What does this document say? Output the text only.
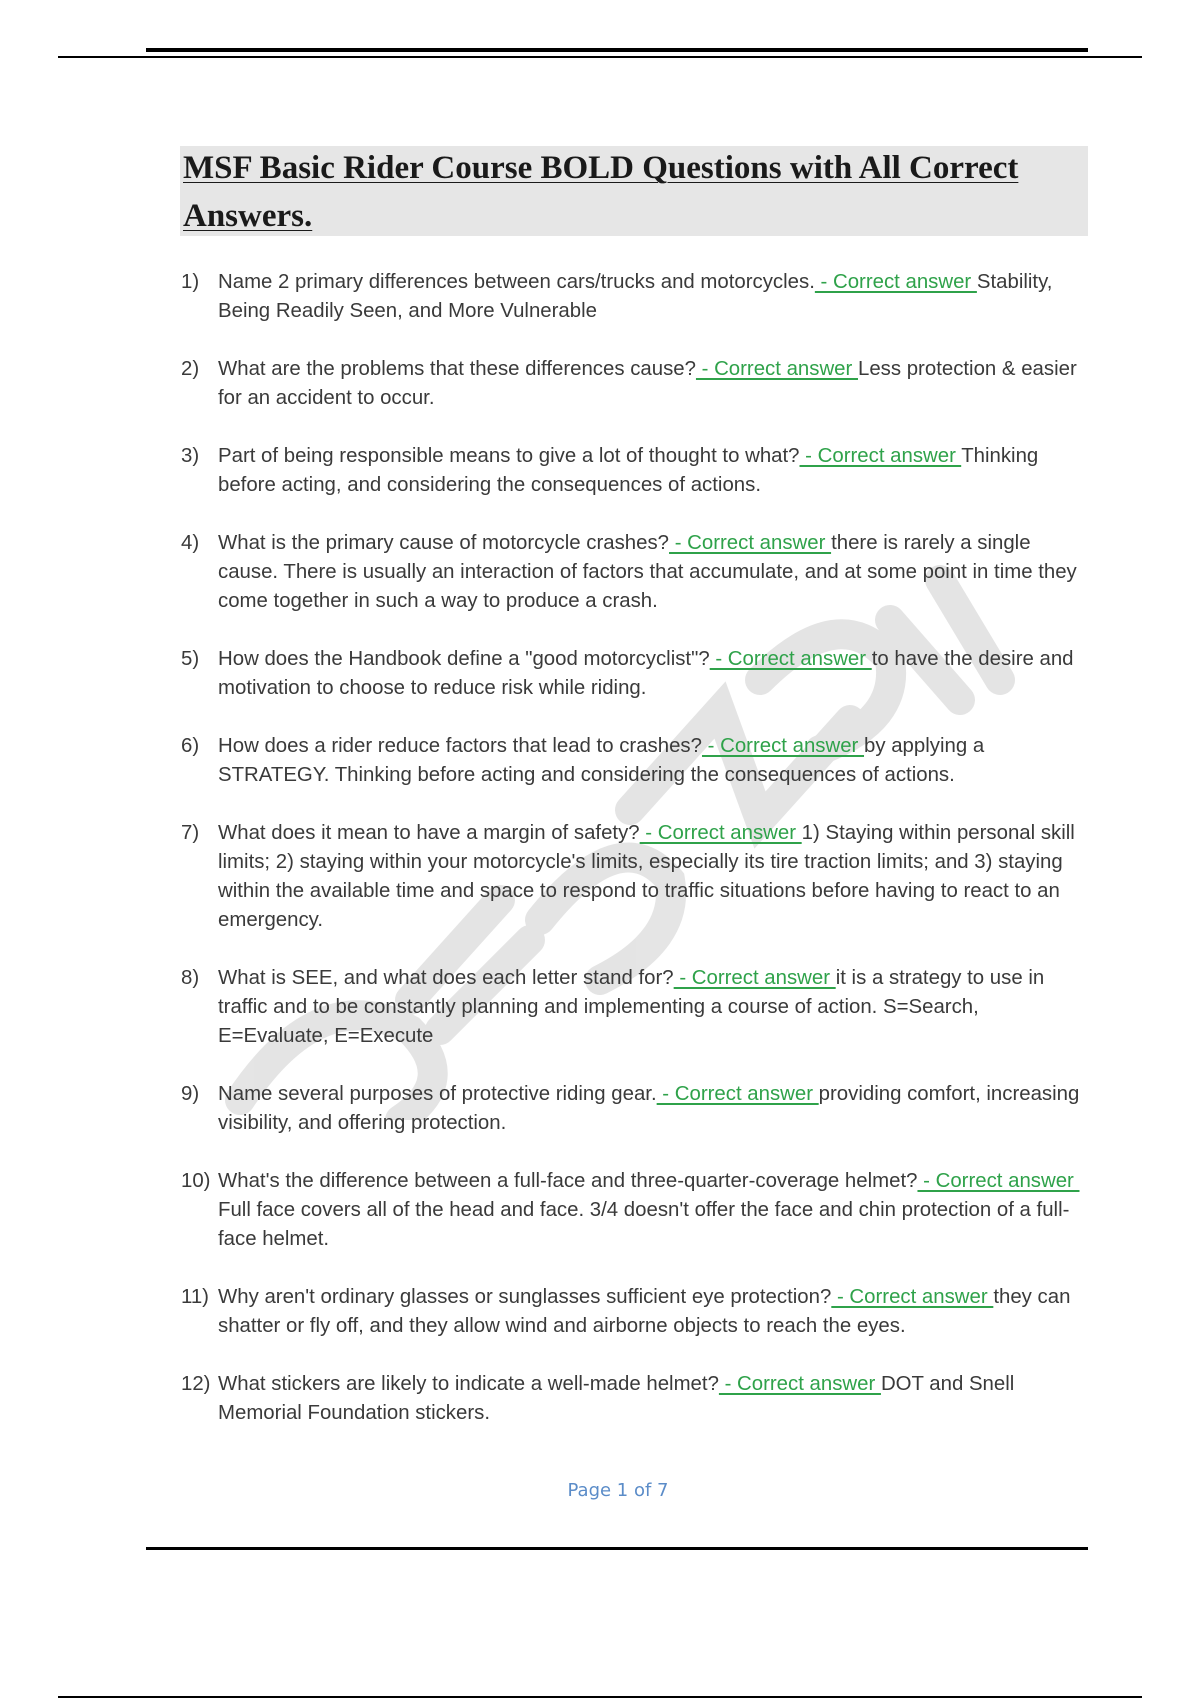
MSF Basic Rider Course BOLD Questions with All Correct Answers.
1) Name 2 primary differences between cars/trucks and motorcycles. - Correct answer Stability, Being Readily Seen, and More Vulnerable
2) What are the problems that these differences cause? - Correct answer Less protection & easier for an accident to occur.
3) Part of being responsible means to give a lot of thought to what? - Correct answer Thinking before acting, and considering the consequences of actions.
4) What is the primary cause of motorcycle crashes? - Correct answer there is rarely a single cause. There is usually an interaction of factors that accumulate, and at some point in time they come together in such a way to produce a crash.
5) How does the Handbook define a "good motorcyclist"? - Correct answer to have the desire and motivation to choose to reduce risk while riding.
6) How does a rider reduce factors that lead to crashes? - Correct answer by applying a STRATEGY. Thinking before acting and considering the consequences of actions.
7) What does it mean to have a margin of safety? - Correct answer 1) Staying within personal skill limits; 2) staying within your motorcycle's limits, especially its tire traction limits; and 3) staying within the available time and space to respond to traffic situations before having to react to an emergency.
8) What is SEE, and what does each letter stand for? - Correct answer it is a strategy to use in traffic and to be constantly planning and implementing a course of action. S=Search, E=Evaluate, E=Execute
9) Name several purposes of protective riding gear. - Correct answer providing comfort, increasing visibility, and offering protection.
10) What's the difference between a full-face and three-quarter-coverage helmet? - Correct answer Full face covers all of the head and face. 3/4 doesn't offer the face and chin protection of a full-face helmet.
11) Why aren't ordinary glasses or sunglasses sufficient eye protection? - Correct answer they can shatter or fly off, and they allow wind and airborne objects to reach the eyes.
12) What stickers are likely to indicate a well-made helmet? - Correct answer DOT and Snell Memorial Foundation stickers.
Page 1 of 7
